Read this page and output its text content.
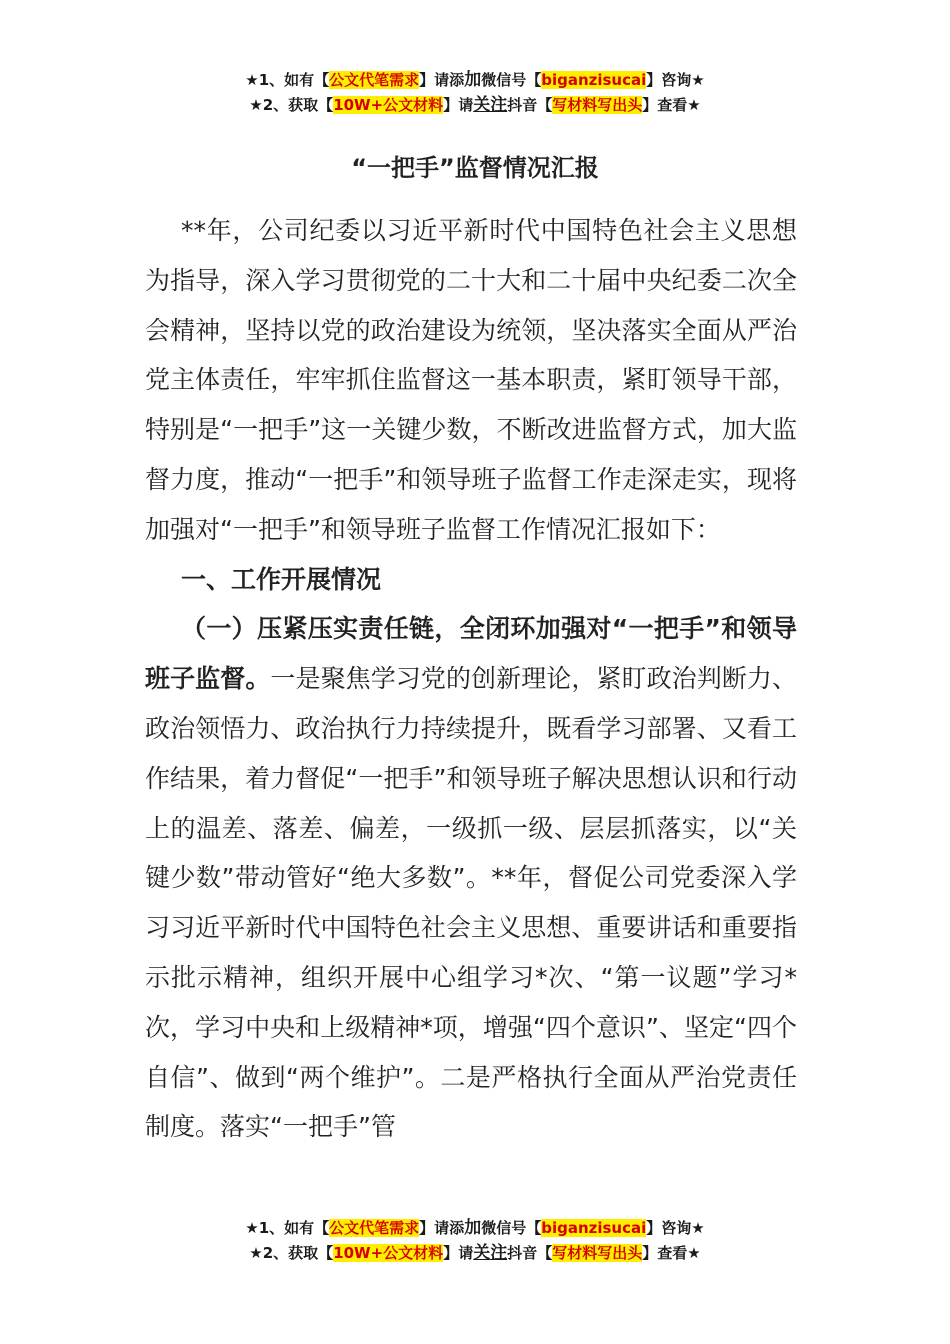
★1、如有【公文代笔需求】请添加微信号【biganzisucai】咨询★
★2、获取【10W+公文材料】请关注抖音【写材料写出头】查看★
“一把手”监督情况汇报

**年，公司纪委以习近平新时代中国特色社会主义思想为指导，深入学习贯彻党的二十大和二十届中央纪委二次全会精神，坚持以党的政治建设为统领，坚决落实全面从严治党主体责任，牢牢抓住监督这一基本职责，紧盯领导干部，特别是“一把手”这一关键少数，不断改进监督方式，加大监督力度，推动“一把手”和领导班子监督工作走深走实，现将加强对“一把手”和领导班子监督工作情况汇报如下：

一、工作开展情况

（一）压紧压实责任链，全闭环加强对“一把手”和领导班子监督。一是聚焦学习党的创新理论，紧盯政治判断力、政治领悟力、政治执行力持续提升，既看学习部署、又看工作结果，着力督促“一把手”和领导班子解决思想认识和行动上的温差、落差、偏差，一级抓一级、层层抓落实，以“关键少数”带动管好“绝大多数”。**年，督促公司党委深入学习习近平新时代中国特色社会主义思想、重要讲话和重要指示批示精神，组织开展中心组学习*次、“第一议题”学习*次，学习中央和上级精神*项，增强“四个意识”、坚定“四个自信”、做到“两个维护”。二是严格执行全面从严治党责任制度。落实“一把手”管

★1、如有【公文代笔需求】请添加微信号【biganzisucai】咨询★
★2、获取【10W+公文材料】请关注抖音【写材料写出头】查看★
